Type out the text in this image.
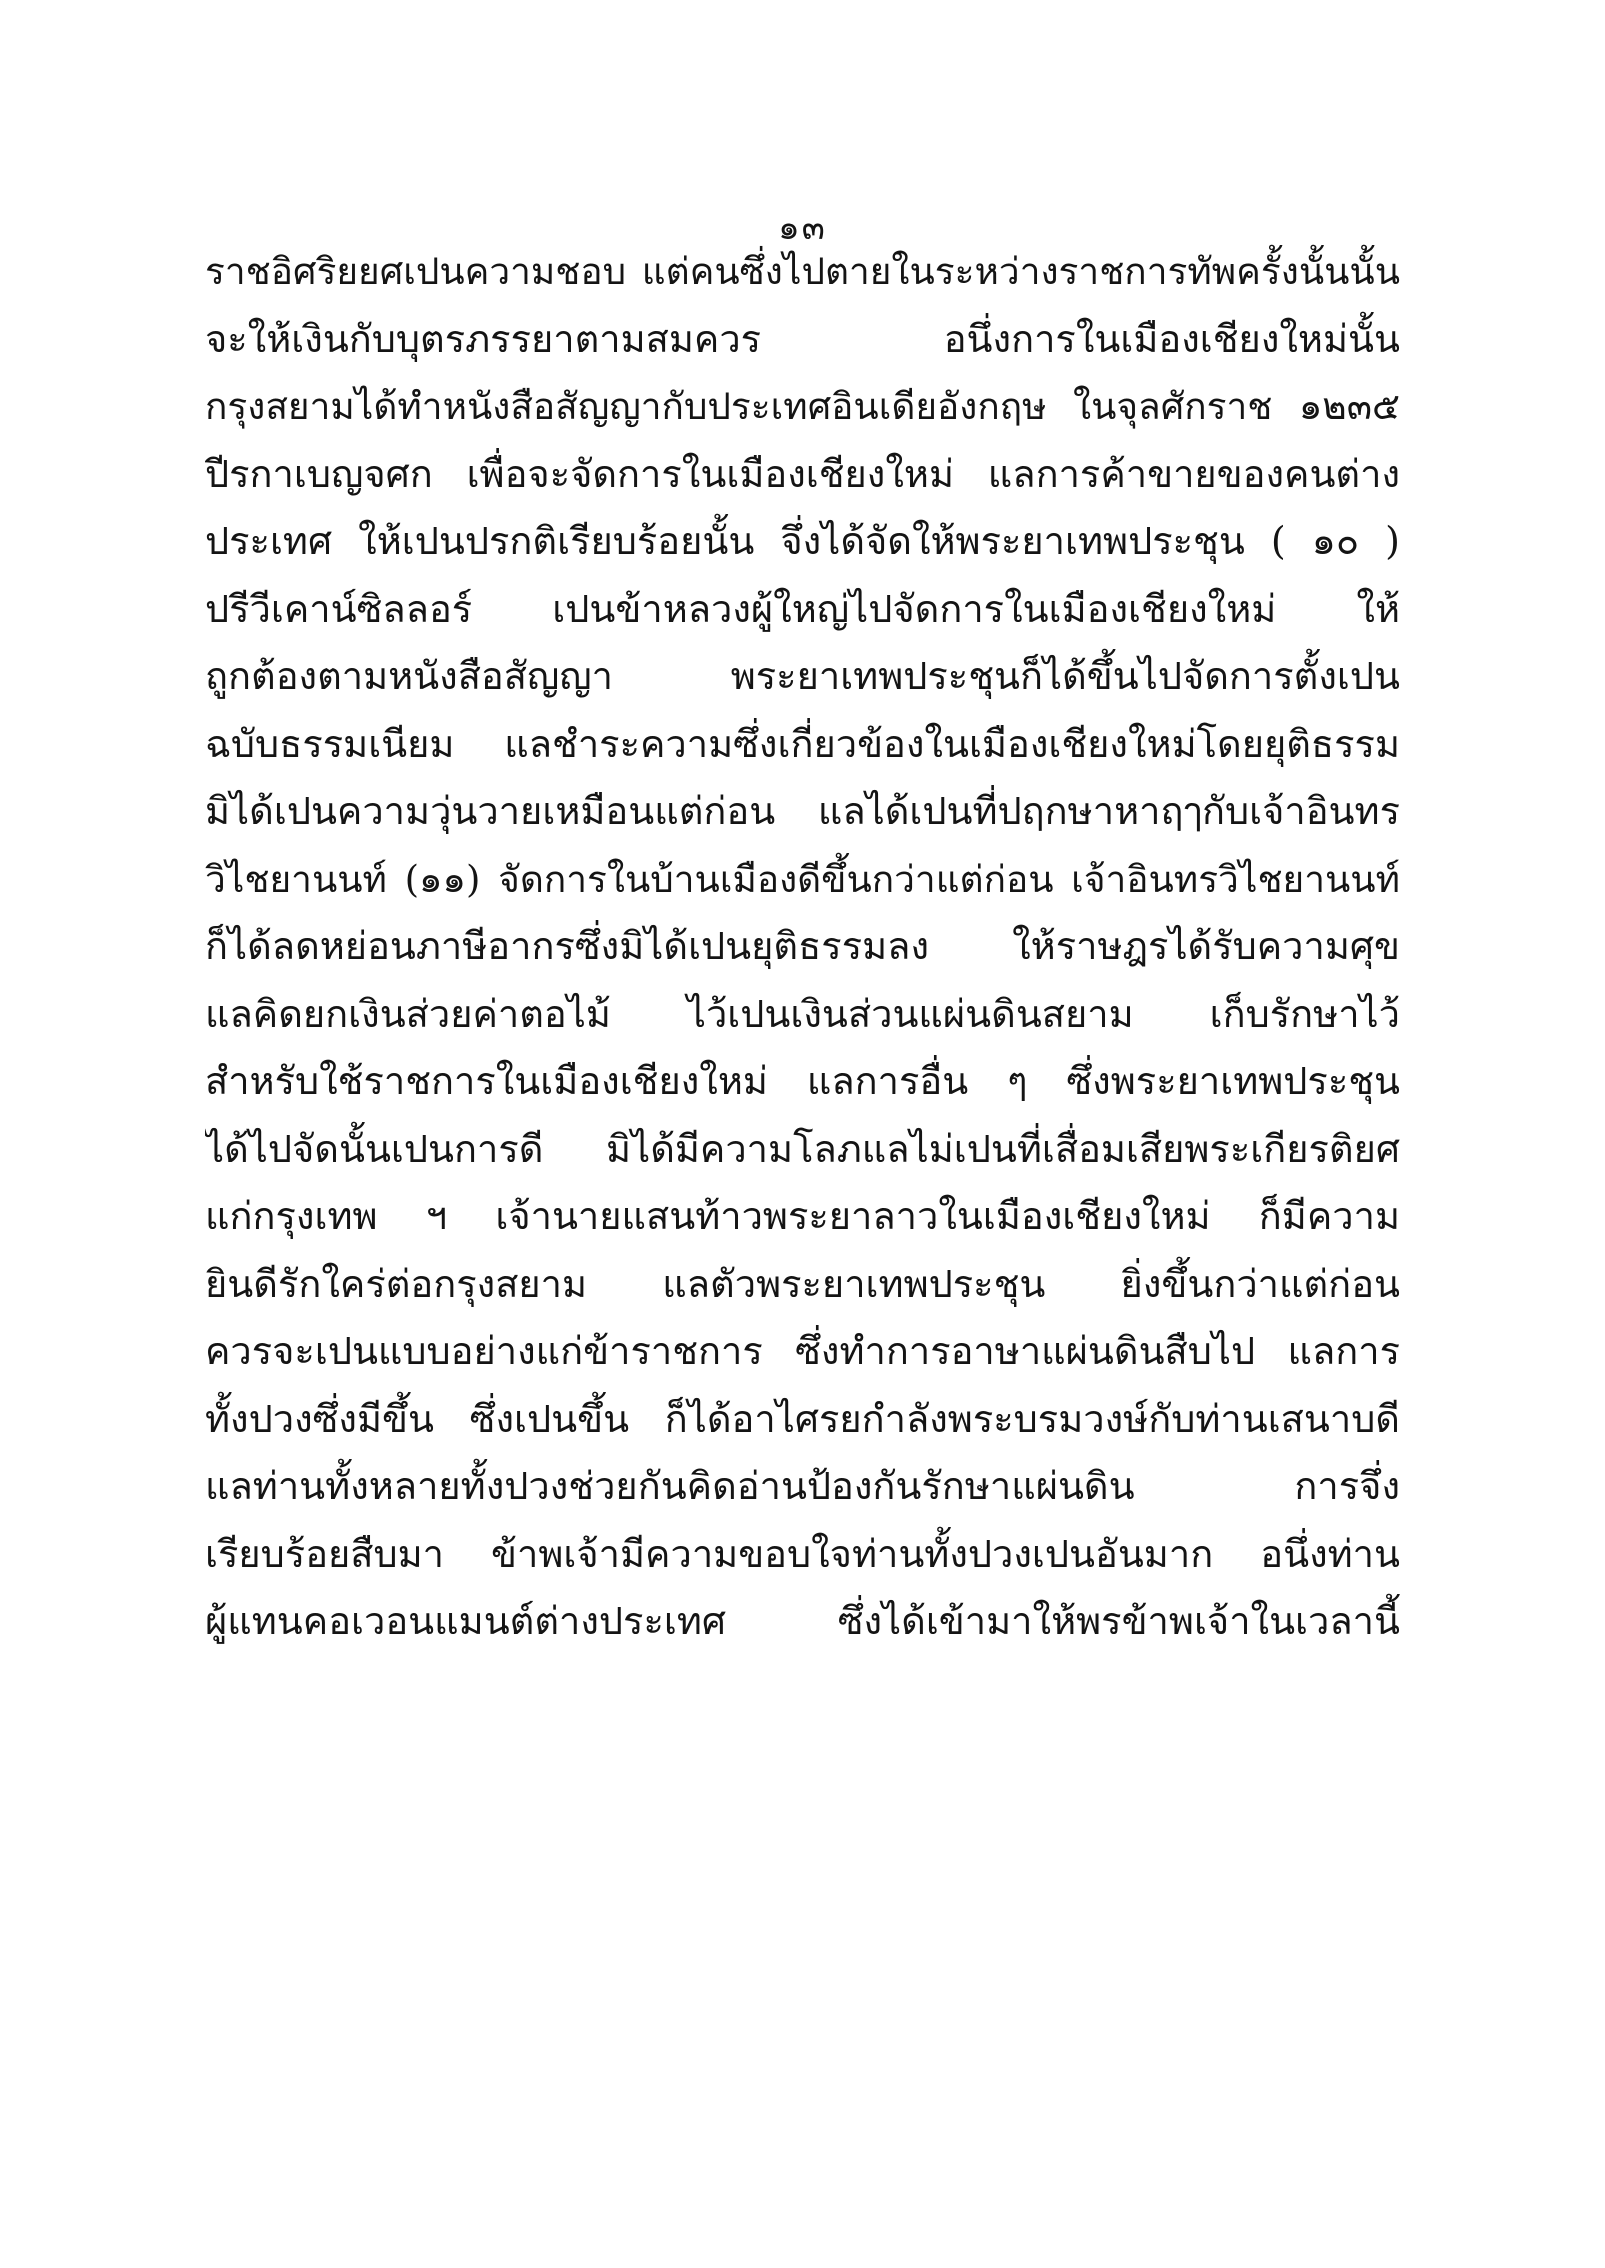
๑๓
ราชอิศริยยศเปนความชอบ แต่คนซึ่งไปตายในระหว่างราชการทัพครั้งนั้นนั้น
จะให้เงินกับบุตรภรรยาตามสมควร อนึ่งการในเมืองเชียงใหม่นั้น
กรุงสยามได้ทำหนังสือสัญญากับประเทศอินเดียอังกฤษ ในจุลศักราช ๑๒๓๕
ปีรกาเบญจศก เพื่อจะจัดการในเมืองเชียงใหม่ แลการค้าขายของคนต่าง
ประเทศ ให้เปนปรกติเรียบร้อยนั้น จึ่งได้จัดให้พระยาเทพประชุน ( ๑๐ )
ปรีวีเคาน์ซิลลอร์ เปนข้าหลวงผู้ใหญ่ไปจัดการในเมืองเชียงใหม่ ให้
ถูกต้องตามหนังสือสัญญา พระยาเทพประชุนก็ได้ขึ้นไปจัดการตั้งเปน
ฉบับธรรมเนียม แลชำระความซึ่งเกี่ยวข้องในเมืองเชียงใหม่โดยยุติธรรม
มิได้เปนความวุ่นวายเหมือนแต่ก่อน แลได้เปนที่ปฤกษาหาฤๅกับเจ้าอินทร
วิไชยานนท์ (๑๑) จัดการในบ้านเมืองดีขึ้นกว่าแต่ก่อน เจ้าอินทรวิไชยานนท์
ก็ได้ลดหย่อนภาษีอากรซึ่งมิได้เปนยุติธรรมลง ให้ราษฎรได้รับความศุข
แลคิดยกเงินส่วยค่าตอไม้ ไว้เปนเงินส่วนแผ่นดินสยาม เก็บรักษาไว้
สำหรับใช้ราชการในเมืองเชียงใหม่ แลการอื่น ๆ ซึ่งพระยาเทพประชุน
ได้ไปจัดนั้นเปนการดี มิได้มีความโลภแลไม่เปนที่เสื่อมเสียพระเกียรติยศ
แก่กรุงเทพ ฯ เจ้านายแสนท้าวพระยาลาวในเมืองเชียงใหม่ ก็มีความ
ยินดีรักใคร่ต่อกรุงสยาม แลตัวพระยาเทพประชุน ยิ่งขึ้นกว่าแต่ก่อน
ควรจะเปนแบบอย่างแก่ข้าราชการ ซึ่งทำการอาษาแผ่นดินสืบไป แลการ
ทั้งปวงซึ่งมีขึ้น ซึ่งเปนขึ้น ก็ได้อาไศรยกำลังพระบรมวงษ์กับท่านเสนาบดี
แลท่านทั้งหลายทั้งปวงช่วยกันคิดอ่านป้องกันรักษาแผ่นดิน การจึ่ง
เรียบร้อยสืบมา ข้าพเจ้ามีความขอบใจท่านทั้งปวงเปนอันมาก อนึ่งท่าน
ผู้แทนคอเวอนแมนต์ต่างประเทศ ซึ่งได้เข้ามาให้พรข้าพเจ้าในเวลานี้
